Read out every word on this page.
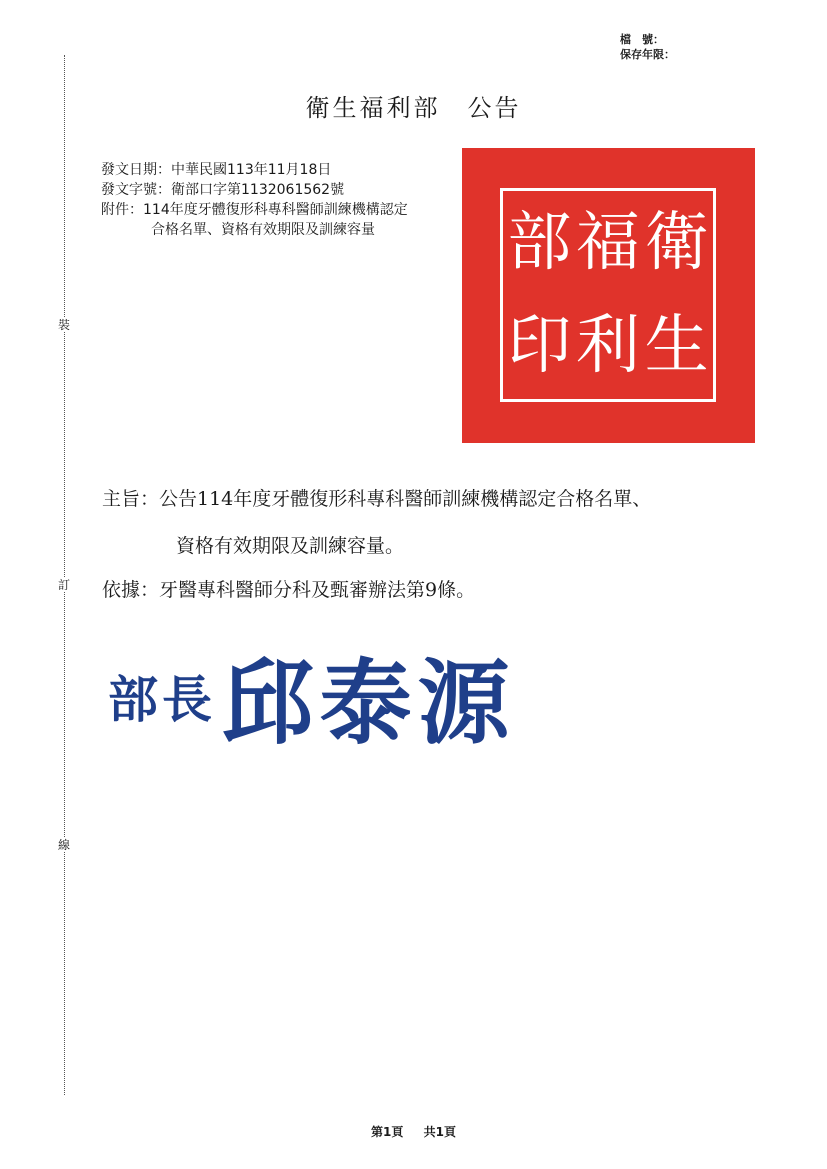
裝
訂
線
檔　號：
保存年限：
衛生福利部　公告
發文日期：中華民國113年11月18日
發文字號：衛部口字第1132061562號
附件：114年度牙體復形科專科醫師訓練機構認定
合格名單、資格有效期限及訓練容量	衛
福
部
生
利
印
主旨：公告114年度牙體復形科專科醫師訓練機構認定合格名單、
資格有效期限及訓練容量。
依據：牙醫專科醫師分科及甄審辦法第9條。
部長 邱泰源
第1頁 共1頁
